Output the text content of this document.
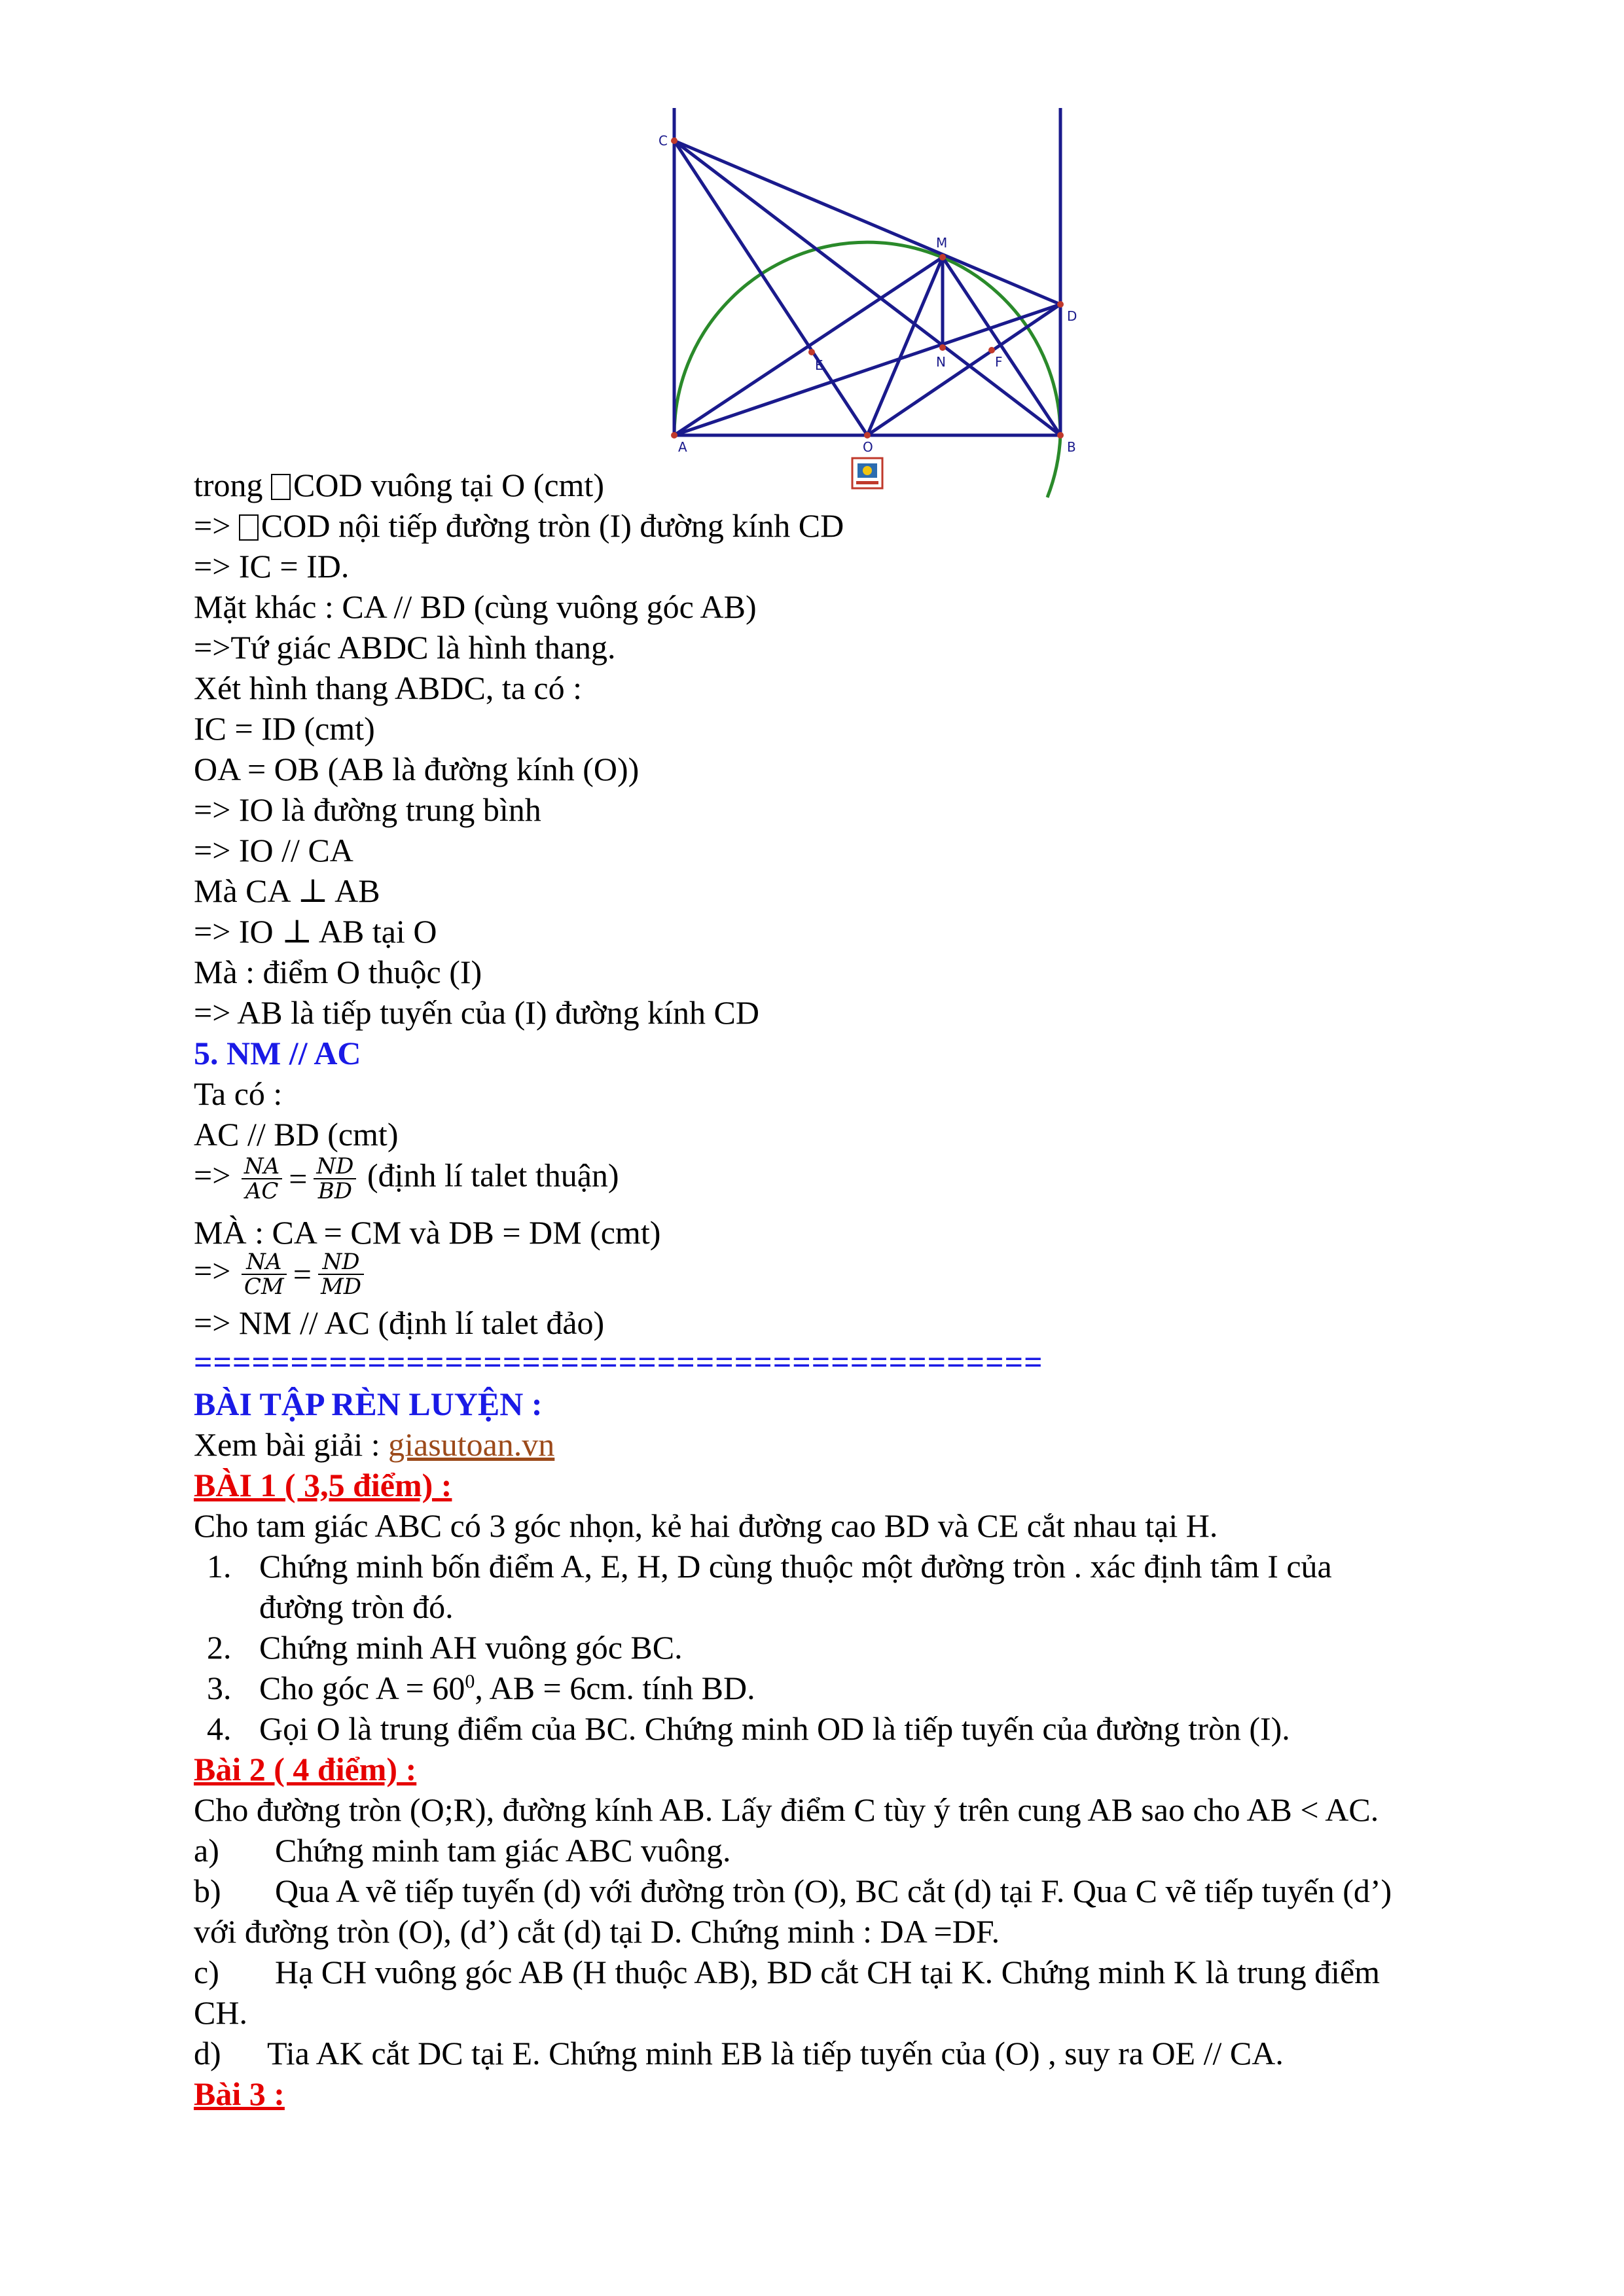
C
M
D
A	O	B
E	N	F
trong COD vuông tại O (cmt)
=> COD nội tiếp đường tròn (I) đường kính CD
=> IC = ID.
Mặt khác : CA // BD (cùng vuông góc AB)
=>Tứ giác ABDC là hình thang.
Xét hình thang ABDC, ta có :
IC = ID (cmt)
OA = OB (AB là đường kính (O))
=> IO là đường trung bình
=> IO // CA
Mà CA ⊥ AB
=> IO ⊥ AB tại O
Mà : điểm O thuộc (I)
=> AB là tiếp tuyến của (I) đường kính CD
5. NM // AC
Ta có :
AC // BD (cmt)
=> $\frac{NA}{AC} = \frac{ND}{BD}$ (định lí talet thuận)
MÀ : CA = CM và DB = DM (cmt)
=> $\frac{NA}{CM} = \frac{ND}{MD}$
=> NM // AC (định lí talet đảo)
============================================
BÀI TẬP RÈN LUYỆN :
Xem bài giải : giasutoan.vn
BÀI 1 ( 3,5 điểm) :
Cho tam giác ABC có 3 góc nhọn, kẻ hai đường cao BD và CE cắt nhau tại H.
1. Chứng minh bốn điểm A, E, H, D cùng thuộc một đường tròn . xác định tâm I của
đường tròn đó.
2. Chứng minh AH vuông góc BC.
3. Cho góc $A = 60^0$, AB = 6cm. tính BD.
4. Gọi O là trung điểm của BC. Chứng minh OD là tiếp tuyến của đường tròn (I).
Bài 2 ( 4 điểm) :
Cho đường tròn (O;R), đường kính AB. Lấy điểm C tùy ý trên cung AB sao cho AB < AC.
a) Chứng minh tam giác ABC vuông.
b) Qua A vẽ tiếp tuyến (d) với đường tròn (O), BC cắt (d) tại F. Qua C vẽ tiếp tuyến (d’)
với đường tròn (O), (d’) cắt (d) tại D. Chứng minh : DA =DF.
c) Hạ CH vuông góc AB (H thuộc AB), BD cắt CH tại K. Chứng minh K là trung điểm
CH.
d) Tia AK cắt DC tại E. Chứng minh EB là tiếp tuyến của (O) , suy ra OE // CA.
Bài 3 :
